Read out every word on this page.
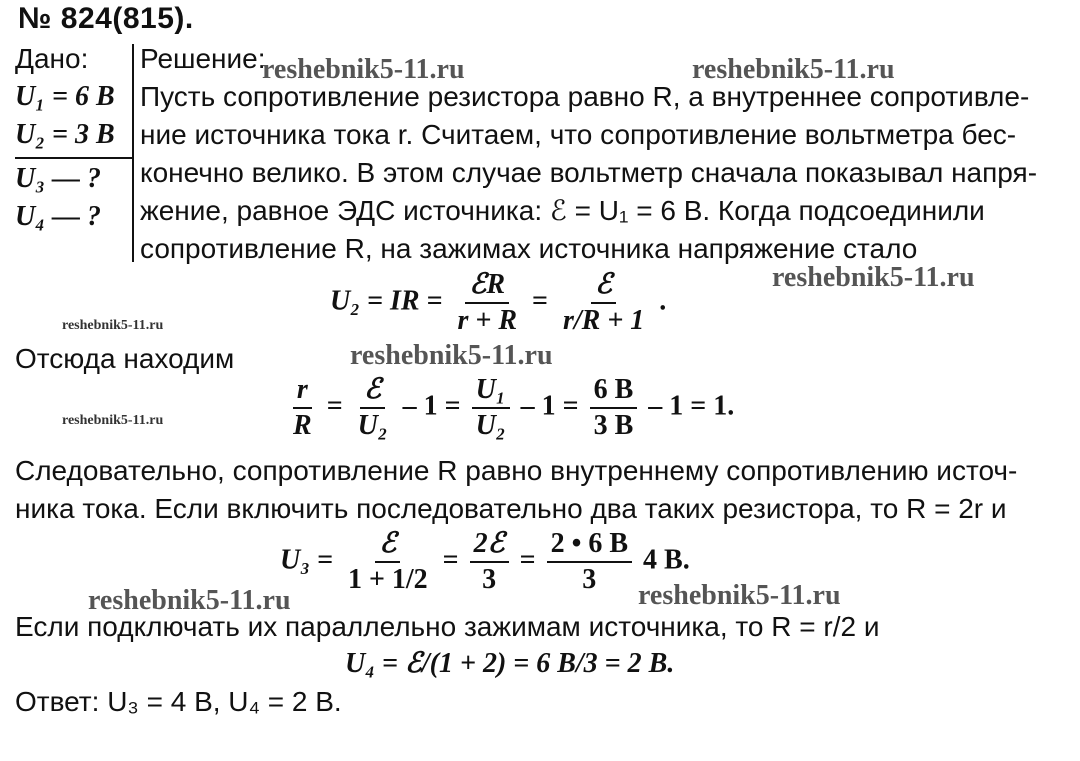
№ 824(815).
Дано:
U₁ = 6 В
U₂ = 3 В
U₃ — ?
U₄ — ?
Решение:
Пусть сопротивление резистора равно R, а внутреннее сопротивле-
ние источника тока r. Считаем, что сопротивление вольтметра бес-
конечно велико. В этом случае вольтметр сначала показывал напря-
жение, равное ЭДС источника: ℰ = U₁ = 6 В. Когда подсоединили
сопротивление R, на зажимах источника напряжение стало
U₂ = IR = $\frac{\text{ℰR}}{r + R} = \frac{\text{ℰ}}{r/R + 1}$ .
Отсюда находим
$\frac{r}{R} = \frac{\text{ℰ}}{\text{U₂}} - 1 = \frac{\text{U₁}}{\text{U₂}} - 1 = \frac{6 В}{3 В} - 1 = 1$.
Следовательно, сопротивление R равно внутреннему сопротивлению источ-
ника тока. Если включить последовательно два таких резистора, то R = 2r и
$U_3 = \frac{\text{ℰ}}{1 + 1/2} = \frac{\text{2ℰ}}{3} = \frac{2 • 6 В}{3} 4$ В.
Если подключать их параллельно зажимам источника, то R = r/2 и
U₄ = ℰ/(1 + 2) = 6 В/3 = 2 В.
Ответ: U₃ = 4 В, U₄ = 2 В.
reshebnik5-11.ru	reshebnik5-11.ru
reshebnik5-11.ru
reshebnik5-11.ru
reshebnik5-11.ru
reshebnik5-11.ru
reshebnik5-11.ru	reshebnik5-11.ru
